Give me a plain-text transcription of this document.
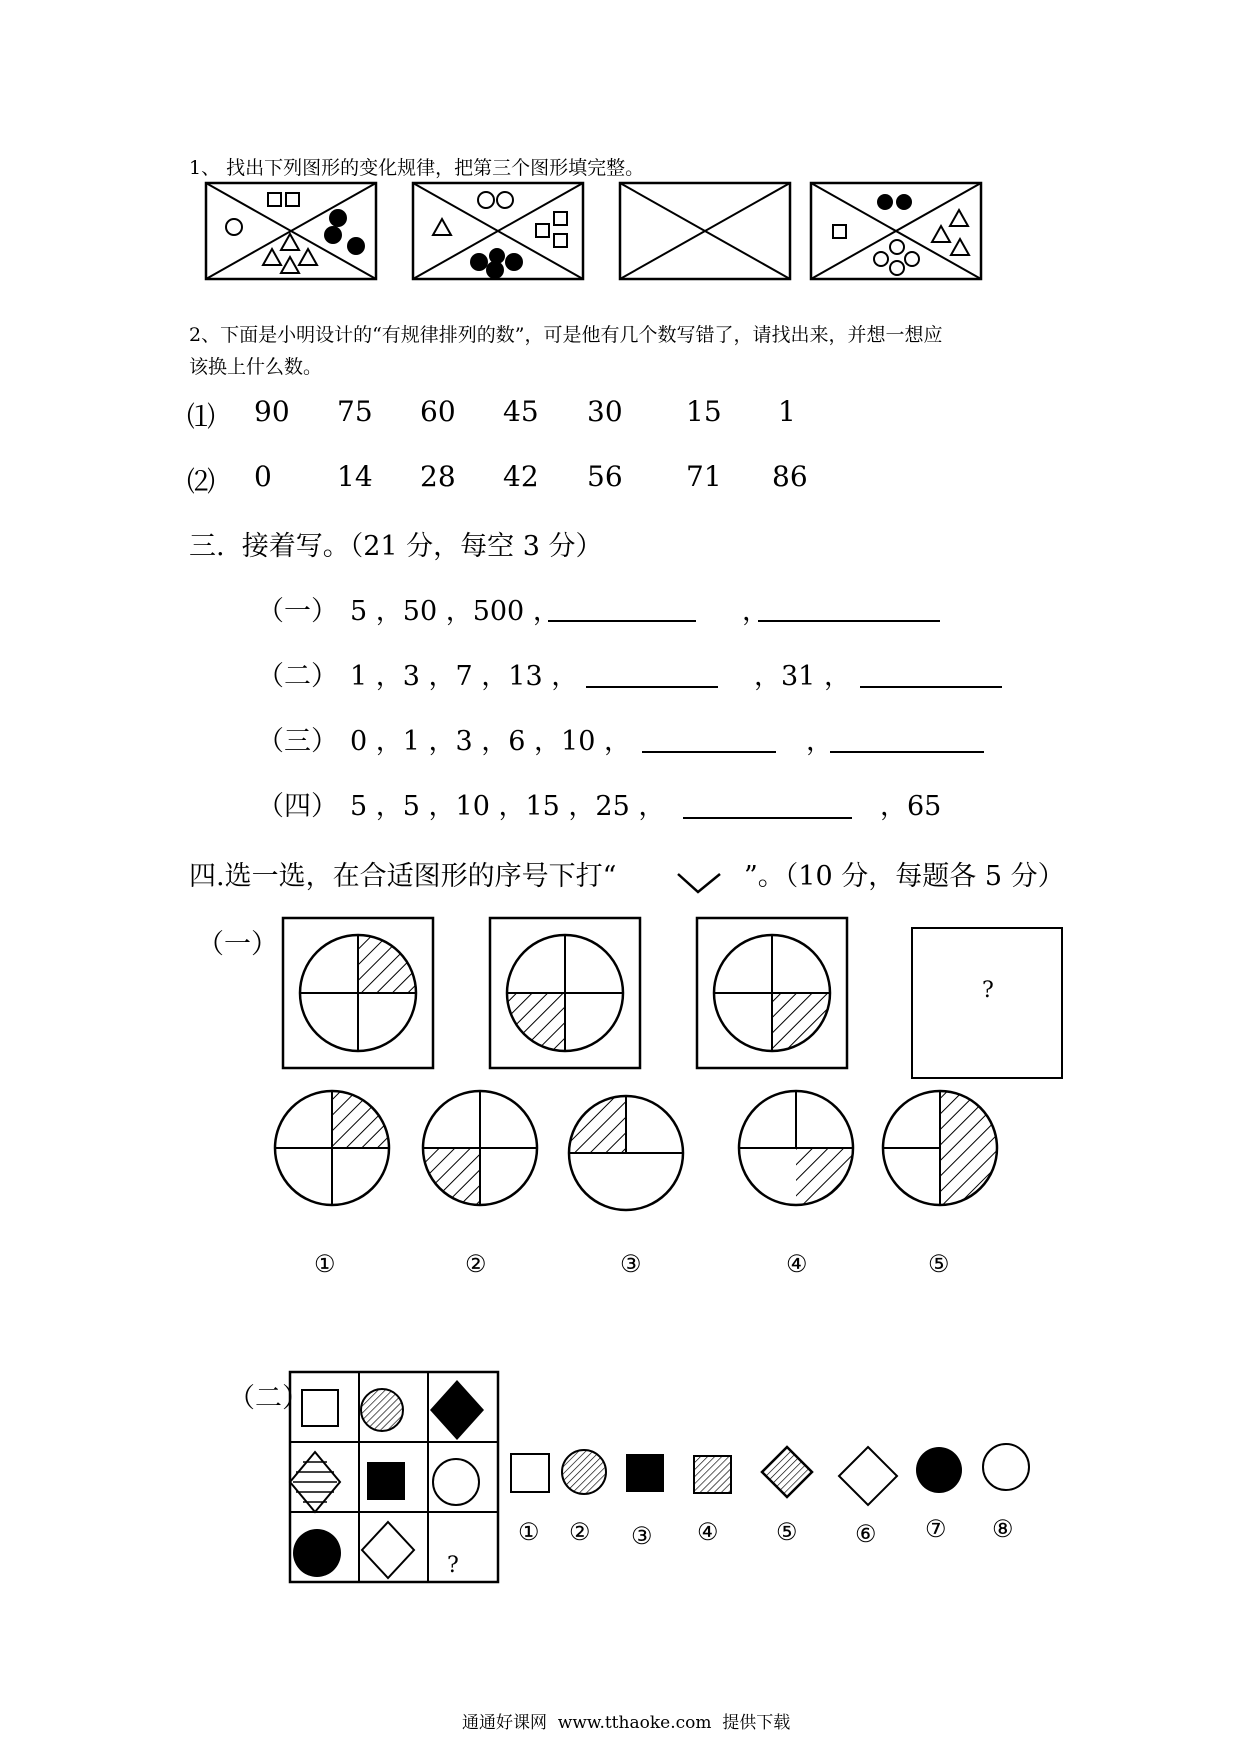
1、 找出下列图形的变化规律，把第三个图形填完整。
2、下面是小明设计的“有规律排列的数”，可是他有几个数写错了，请找出来，并想一想应
该换上什么数。
⑴ 90 75 60 45 30 15 1
⑵ 0 14 28 42 56 71 86
三.  接着写。（21 分，每空 3 分）
（一） 5 ，50 ，500 ，	，
（二） 1 ，3 ，7 ，13 ，	，31 ，
（三） 0 ，1 ，3 ，6 ，10 ，	，
（四） 5 ，5 ，10 ，15 ，25 ，	，65
四.选一选，在合适图形的序号下打“	”。（10 分，每题各 5 分）
（一）
?
①	②	③	④	⑤
（二）
?
① ② ③ ④ ⑤ ⑥ ⑦ ⑧
通通好课网  www.tthaoke.com  提供下载
